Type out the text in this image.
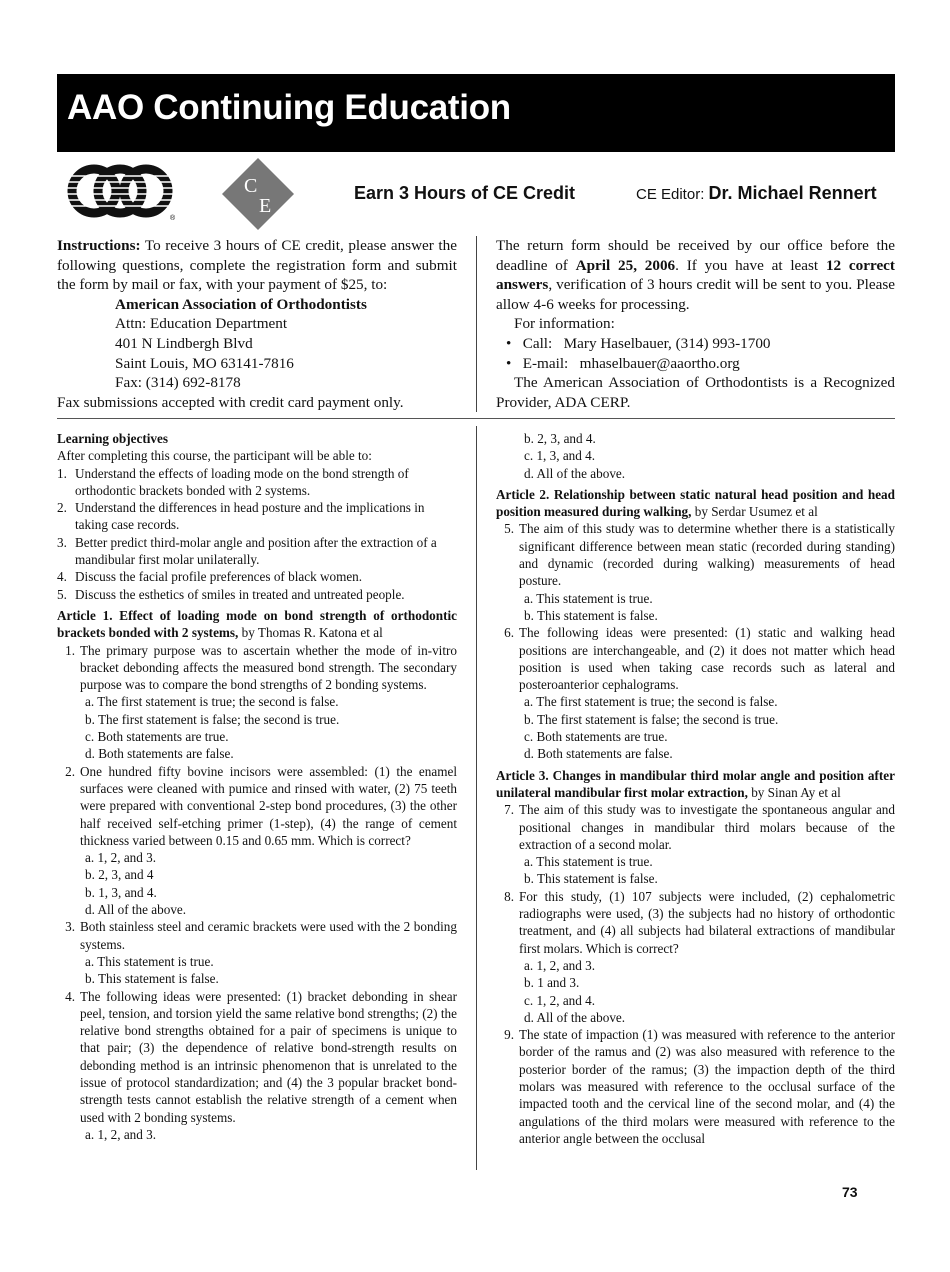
AAO Continuing Education
®
C
E
Earn 3 Hours of CE Credit	CE Editor: Dr. Michael Rennert
Instructions: To receive 3 hours of CE credit, please answer the following questions, complete the registration form and submit the form by mail or fax, with your payment of $25, to:
American Association of Orthodontists
Attn: Education Department
401 N Lindbergh Blvd
Saint Louis, MO 63141-7816
Fax: (314) 692-8178
Fax submissions accepted with credit card payment only.
The return form should be received by our office before the deadline of April 25, 2006. If you have at least 12 correct answers, verification of 3 hours credit will be sent to you. Please allow 4-6 weeks for processing.
For information:
•   Call:   Mary Haselbauer, (314) 993-1700
•   E-mail:   mhaselbauer@aaortho.org
The American Association of Orthodontists is a Recognized Provider, ADA CERP.
Learning objectives
After completing this course, the participant will be able to:
1. Understand the effects of loading mode on the bond strength of orthodontic brackets bonded with 2 systems.
2. Understand the differences in head posture and the implications in taking case records.
3. Better predict third-molar angle and position after the extraction of a mandibular first molar unilaterally.
4. Discuss the facial profile preferences of black women.
5. Discuss the esthetics of smiles in treated and untreated people.
Article 1. Effect of loading mode on bond strength of orthodontic brackets bonded with 2 systems, by Thomas R. Katona et al
1. The primary purpose was to ascertain whether the mode of in-vitro bracket debonding affects the measured bond strength. The secondary purpose was to compare the bond strengths of 2 bonding systems.
a. The first statement is true; the second is false.
b. The first statement is false; the second is true.
c. Both statements are true.
d. Both statements are false.
2. One hundred fifty bovine incisors were assembled: (1) the enamel surfaces were cleaned with pumice and rinsed with water, (2) 75 teeth were prepared with conventional 2-step bond procedures, (3) the other half received self-etching primer (1-step), (4) the range of cement thickness varied between 0.15 and 0.65 mm. Which is correct?
a. 1, 2, and 3.
b. 2, 3, and 4
b. 1, 3, and 4.
d. All of the above.
3. Both stainless steel and ceramic brackets were used with the 2 bonding systems.
a. This statement is true.
b. This statement is false.
4. The following ideas were presented: (1) bracket debonding in shear peel, tension, and torsion yield the same relative bond strengths; (2) the relative bond strengths obtained for a pair of specimens is unique to that pair; (3) the dependence of relative bond-strength results on debonding method is an intrinsic phenomenon that is unrelated to the issue of protocol standardization; and (4) the 3 popular bracket bond-strength tests cannot establish the relative strength of a cement when used with 2 bonding systems.
a. 1, 2, and 3.
b. 2, 3, and 4.
c. 1, 3, and 4.
d. All of the above.
Article 2. Relationship between static natural head position and head position measured during walking, by Serdar Usumez et al
5. The aim of this study was to determine whether there is a statistically significant difference between mean static (recorded during standing) and dynamic (recorded during walking) measurements of head posture.
a. This statement is true.
b. This statement is false.
6. The following ideas were presented: (1) static and walking head positions are interchangeable, and (2) it does not matter which head position is used when taking case records such as lateral and posteroanterior cephalograms.
a. The first statement is true; the second is false.
b. The first statement is false; the second is true.
c. Both statements are true.
d. Both statements are false.
Article 3. Changes in mandibular third molar angle and position after unilateral mandibular first molar extraction, by Sinan Ay et al
7. The aim of this study was to investigate the spontaneous angular and positional changes in mandibular third molars because of the extraction of a second molar.
a. This statement is true.
b. This statement is false.
8. For this study, (1) 107 subjects were included, (2) cephalometric radiographs were used, (3) the subjects had no history of orthodontic treatment, and (4) all subjects had bilateral extractions of mandibular first molars. Which is correct?
a. 1, 2, and 3.
b. 1 and 3.
c. 1, 2, and 4.
d. All of the above.
9. The state of impaction (1) was measured with reference to the anterior border of the ramus and (2) was also measured with reference to the posterior border of the ramus; (3) the impaction depth of the third molars was measured with reference to the occlusal surface of the impacted tooth and the cervical line of the second molar, and (4) the angulations of the third molars were measured with reference to the anterior angle between the occlusal
73
